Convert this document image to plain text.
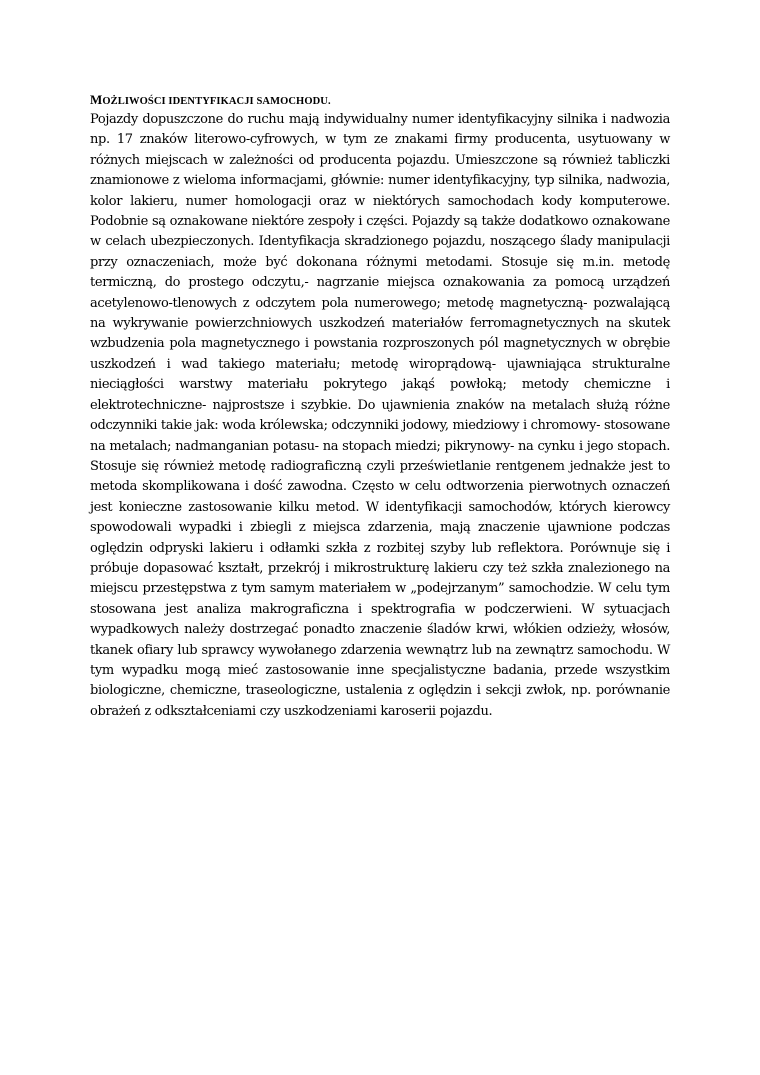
MOŻLIWOŚCI IDENTYFIKACJI SAMOCHODU.

Pojazdy dopuszczone do ruchu mają indywidualny numer identyfikacyjny silnika i nadwozia np. 17 znaków literowo-cyfrowych, w tym ze znakami firmy producenta, usytuowany w różnych miejscach w zależności od producenta pojazdu. Umieszczone są również tabliczki znamionowe z wieloma informacjami, głównie: numer identyfikacyjny, typ silnika, nadwozia, kolor lakieru, numer homologacji oraz w niektórych samochodach kody komputerowe. Podobnie są oznakowane niektóre zespoły i części. Pojazdy są także dodatkowo oznakowane w celach ubezpieczonych. Identyfikacja skradzionego pojazdu, noszącego ślady manipulacji przy oznaczeniach, może być dokonana różnymi metodami. Stosuje się m.in. metodę termiczną, do prostego odczytu,- nagrzanie miejsca oznakowania za pomocą urządzeń acetylenowo-tlenowych z odczytem pola numerowego; metodę magnetyczną- pozwalającą na wykrywanie powierzchniowych uszkodzeń materiałów ferromagnetycznych na skutek wzbudzenia pola magnetycznego i powstania rozproszonych pól magnetycznych w obrębie uszkodzeń i wad takiego materiału; metodę wiroprądową- ujawniająca strukturalne nieciągłości warstwy materiału pokrytego jakąś powłoką; metody chemiczne i elektrotechniczne- najprostsze i szybkie. Do ujawnienia znaków na metalach służą różne odczynniki takie jak: woda królewska; odczynniki jodowy, miedziowy i chromowy- stosowane na metalach; nadmanganian potasu- na stopach miedzi; pikrynowy- na cynku i jego stopach. Stosuje się również metodę radiograficzną czyli prześwietlanie rentgenem jednakże jest to metoda skomplikowana i dość zawodna. Często w celu odtworzenia pierwotnych oznaczeń jest konieczne zastosowanie kilku metod. W identyfikacji samochodów, których kierowcy spowodowali wypadki i zbiegli z miejsca zdarzenia, mają znaczenie ujawnione podczas oględzin odpryski lakieru i odłamki szkła z rozbitej szyby lub reflektora. Porównuje się i próbuje dopasować kształt, przekrój i mikrostrukturę lakieru czy też szkła znalezionego na miejscu przestępstwa z tym samym materiałem w „podejrzanym” samochodzie. W celu tym stosowana jest analiza makrograficzna i spektrografia w podczerwieni. W sytuacjach wypadkowych należy dostrzegać ponadto znaczenie śladów krwi, włókien odzieży, włosów, tkanek ofiary lub sprawcy wywołanego zdarzenia wewnątrz lub na zewnątrz samochodu. W tym wypadku mogą mieć zastosowanie inne specjalistyczne badania, przede wszystkim biologiczne, chemiczne, traseologiczne, ustalenia z oględzin i sekcji zwłok, np. porównanie obrażeń z odkształceniami czy uszkodzeniami karoserii pojazdu.
